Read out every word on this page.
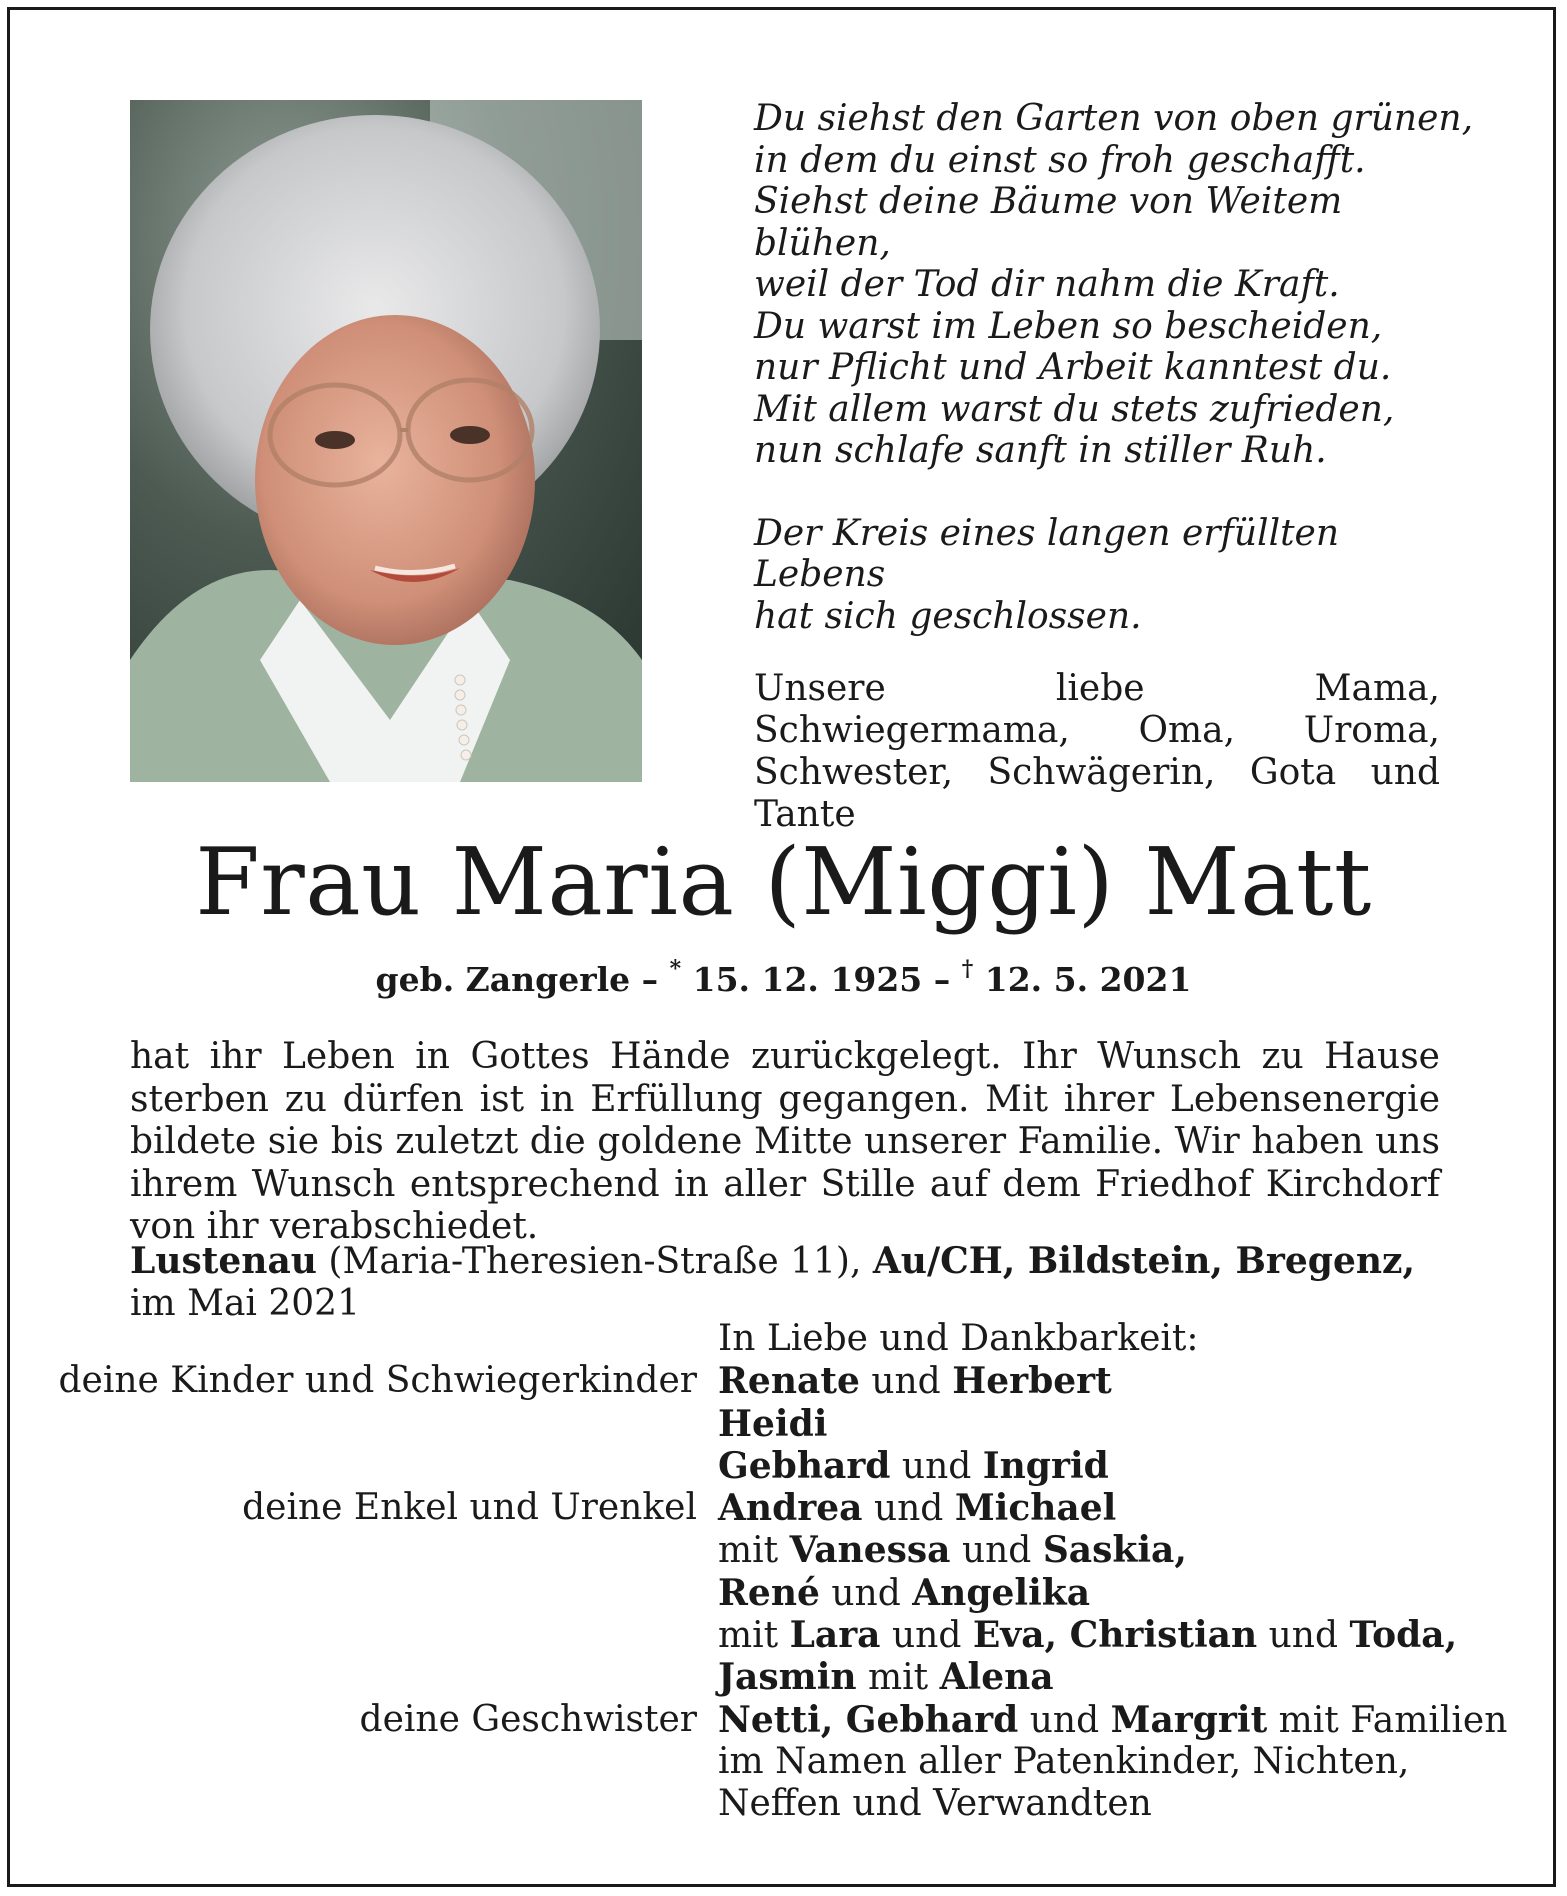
Du siehst den Garten von oben grünen,

in dem du einst so froh geschafft.

Siehst deine Bäume von Weitem blühen,

weil der Tod dir nahm die Kraft.

Du warst im Leben so bescheiden,

nur Pflicht und Arbeit kanntest du.

Mit allem warst du stets zufrieden,

nun schlafe sanft in stiller Ruh.

Der Kreis eines langen erfüllten Lebens

hat sich geschlossen.

Unsere liebe Mama, Schwiegermama, Oma, Uroma, Schwester, Schwägerin, Gota und Tante
Frau Maria (Miggi) Matt
geb. Zangerle – * 15. 12. 1925 – † 12. 5. 2021
hat ihr Leben in Gottes Hände zurückgelegt. Ihr Wunsch zu Hause sterben zu dürfen ist in Erfüllung gegangen. Mit ihrer Lebensenergie bildete sie bis zuletzt die goldene Mitte unserer Familie. Wir haben uns ihrem Wunsch entsprechend in aller Stille auf dem Friedhof Kirchdorf von ihr verabschiedet.
Lustenau (Maria-Theresien-Straße 11), Au/CH, Bildstein, Bregenz,
im Mai 2021
In Liebe und Dankbarkeit:
deine Kinder und Schwiegerkinder Renate und Herbert
Heidi
Gebhard und Ingrid
deine Enkel und Urenkel Andrea und Michael
mit Vanessa und Saskia,
René und Angelika
mit Lara und Eva, Christian und Toda,
Jasmin mit Alena
deine Geschwister Netti, Gebhard und Margrit mit Familien
im Namen aller Patenkinder, Nichten,
Neffen und Verwandten
